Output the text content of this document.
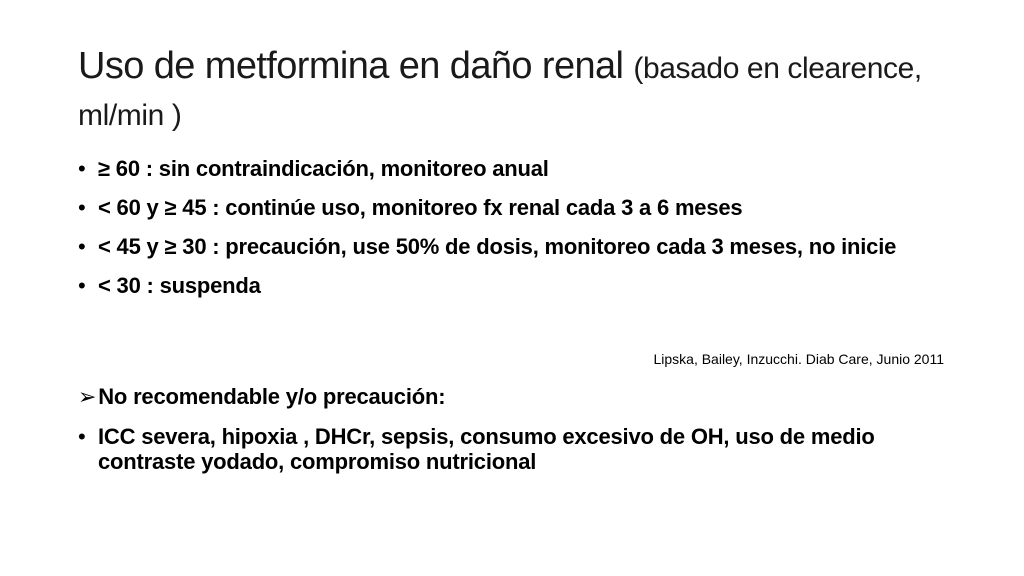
Uso de metformina en daño renal (basado en clearence, ml/min )
• ≥ 60 : sin contraindicación, monitoreo anual
• < 60 y ≥ 45 : continúe uso, monitoreo fx renal cada 3 a 6 meses
• < 45 y ≥ 30 : precaución, use 50% de dosis, monitoreo cada 3 meses, no inicie
• < 30 : suspenda
Lipska, Bailey, Inzucchi. Diab Care, Junio 2011
➢No recomendable y/o precaución:
• ICC severa, hipoxia , DHCr, sepsis, consumo excesivo de OH, uso de medio contraste yodado, compromiso nutricional
